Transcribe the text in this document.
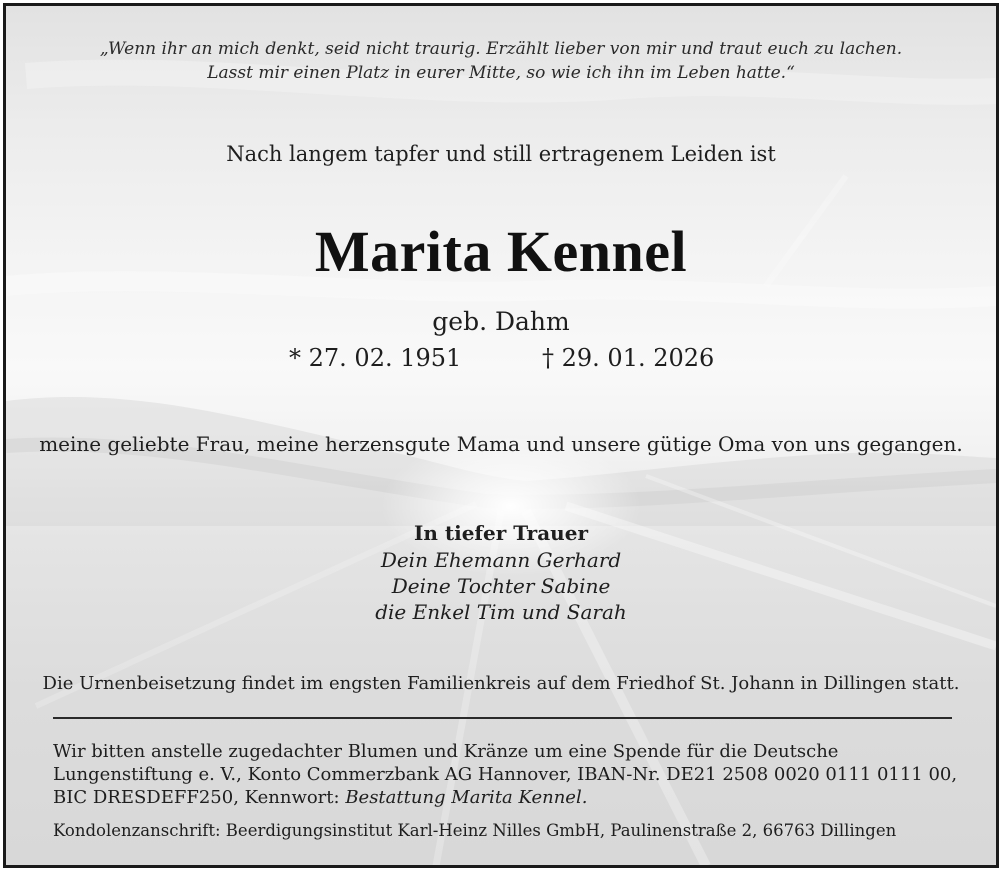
„Wenn ihr an mich denkt, seid nicht traurig. Erzählt lieber von mir und traut euch zu lachen.
Lasst mir einen Platz in eurer Mitte, so wie ich ihn im Leben hatte.“
Nach langem tapfer und still ertragenem Leiden ist
Marita Kennel
geb. Dahm
* 27. 02. 1951	† 29. 01. 2026
meine geliebte Frau, meine herzensgute Mama und unsere gütige Oma von uns gegangen.
In tiefer Trauer
Dein Ehemann Gerhard
Deine Tochter Sabine
die Enkel Tim und Sarah
Die Urnenbeisetzung findet im engsten Familienkreis auf dem Friedhof St. Johann in Dillingen statt.
Wir bitten anstelle zugedachter Blumen und Kränze um eine Spende für die Deutsche
Lungenstiftung e. V., Konto Commerzbank AG Hannover, IBAN-Nr. DE21 2508 0020 0111 0111 00,
BIC DRESDEFF250, Kennwort: Bestattung Marita Kennel.
Kondolenzanschrift: Beerdigungsinstitut Karl-Heinz Nilles GmbH, Paulinenstraße 2, 66763 Dillingen
